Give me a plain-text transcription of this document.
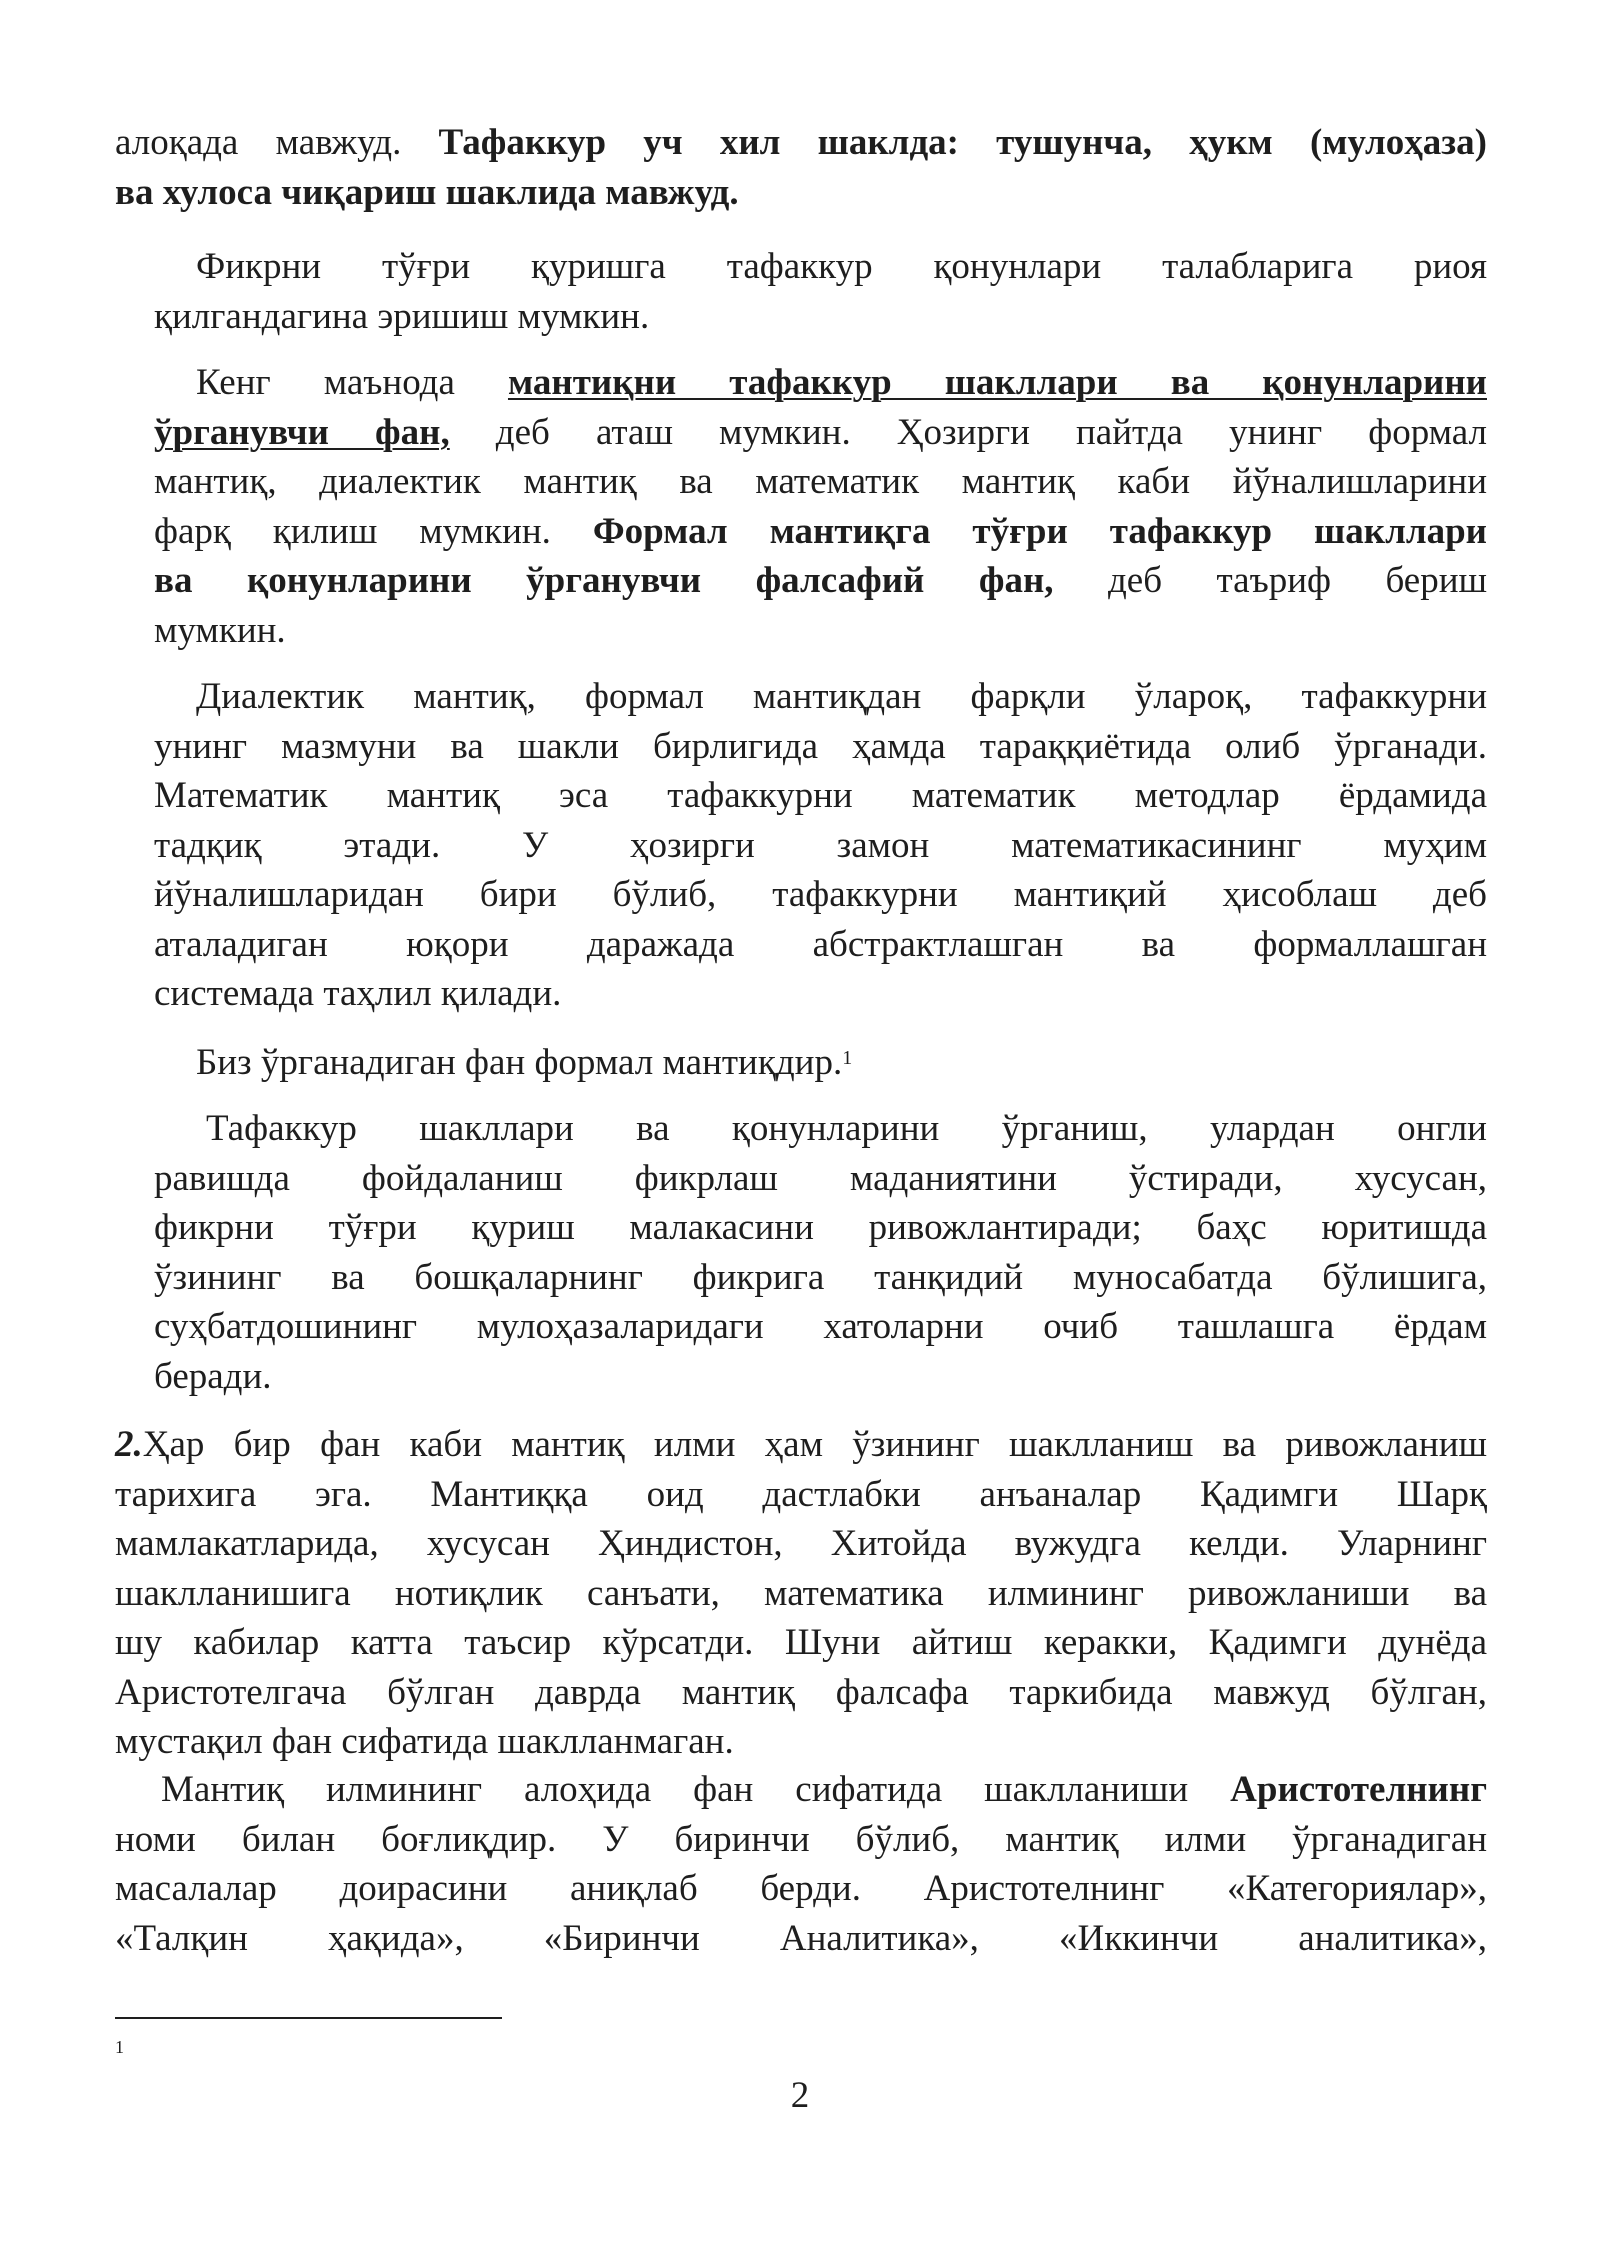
алоқада мавжуд. Тафаккур уч хил шаклда: тушунча, ҳукм (мулоҳаза)
ва хулоса чиқариш шаклида мавжуд.
Фикрни тўғри қуришга тафаккур қонунлари талабларига риоя
қилгандагина эришиш мумкин.
Кенг маънода мантиқни тафаккур шакллари ва қонунларини
ўрганувчи фан, деб аташ мумкин. Ҳозирги пайтда унинг формал
мантиқ, диалектик мантиқ ва математик мантиқ каби йўналишларини
фарқ қилиш мумкин. Формал мантиқга тўғри тафаккур шакллари
ва қонунларини ўрганувчи фалсафий фан, деб таъриф бериш
мумкин.
Диалектик мантиқ, формал мантиқдан фарқли ўлароқ, тафаккурни
унинг мазмуни ва шакли бирлигида ҳамда тараққиётида олиб ўрганади.
Математик мантиқ эса тафаккурни математик методлар ёрдамида
тадқиқ этади. У ҳозирги замон математикасининг муҳим
йўналишларидан бири бўлиб, тафаккурни мантиқий ҳисоблаш деб
аталадиган юқори даражада абстрактлашган ва формаллашган
системада таҳлил қилади.
Биз ўрганадиган фан формал мантиқдир.$^1$
Тафаккур шакллари ва қонунларини ўрганиш, улардан онгли
равишда фойдаланиш фикрлаш маданиятини ўстиради, хусусан,
фикрни тўғри қуриш малакасини ривожлантиради; баҳс юритишда
ўзининг ва бошқаларнинг фикрига танқидий муносабатда бўлишига,
суҳбатдошининг мулоҳазаларидаги хатоларни очиб ташлашга ёрдам
беради.
2.Ҳар бир фан каби мантиқ илми ҳам ўзининг шаклланиш ва ривожланиш
тарихига эга. Мантиққа оид дастлабки анъаналар Қадимги Шарқ
мамлакатларида, хусусан Ҳиндистон, Хитойда вужудга келди. Уларнинг
шаклланишига нотиқлик санъати, математика илмининг ривожланиши ва
шу кабилар катта таъсир кўрсатди. Шуни айтиш керакки, Қадимги дунёда
Аристотелгача бўлган даврда мантиқ фалсафа таркибида мавжуд бўлган,
мустақил фан сифатида шаклланмаган.
Мантиқ илмининг алоҳида фан сифатида шаклланиши Аристотелнинг
номи билан боғлиқдир. У биринчи бўлиб, мантиқ илми ўрганадиган
масалалар доирасини аниқлаб берди. Аристотелнинг «Категориялар»,
«Талқин ҳақида», «Биринчи Аналитика», «Иккинчи аналитика»,
1
2
